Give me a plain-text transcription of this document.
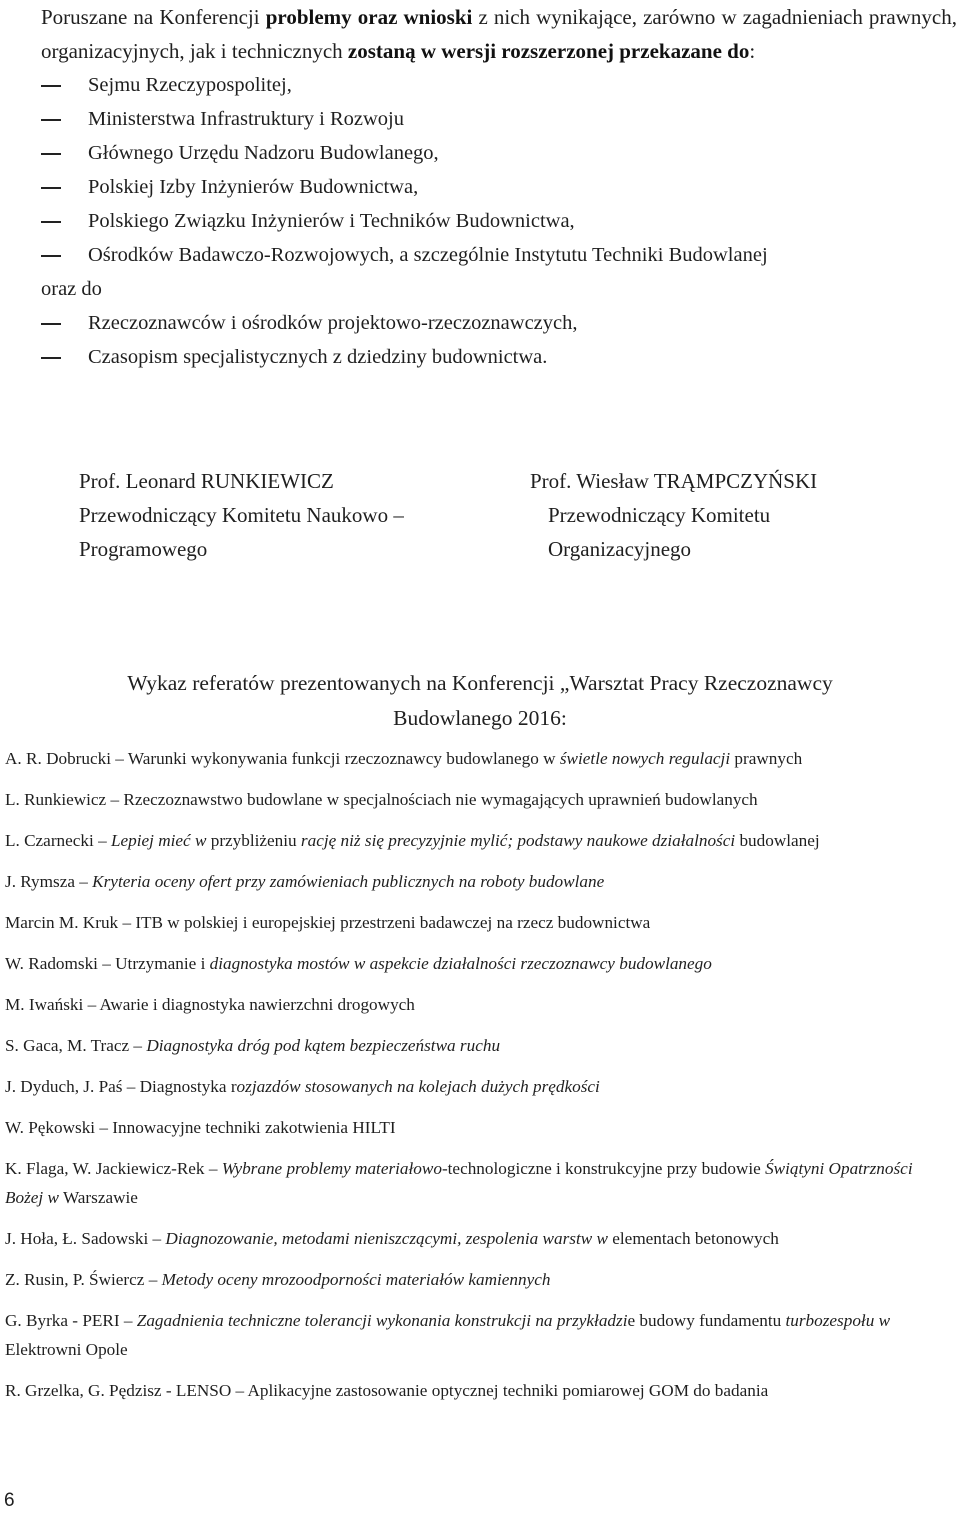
Poruszane na Konferencji problemy oraz wnioski z nich wynikające, zarówno w zagadnieniach prawnych, organizacyjnych, jak i technicznych zostaną w wersji rozszerzonej przekazane do:

Sejmu Rzeczypospolitej,
Ministerstwa Infrastruktury i Rozwoju
Głównego Urzędu Nadzoru Budowlanego,
Polskiej Izby Inżynierów Budownictwa,
Polskiego Związku Inżynierów i Techników Budownictwa,
Ośrodków Badawczo-Rozwojowych, a szczególnie Instytutu Techniki Budowlanej

oraz do

Rzeczoznawców i ośrodków projektowo-rzeczoznawczych,
Czasopism specjalistycznych z dziedziny budownictwa.
Prof. Leonard RUNKIEWICZ
Przewodniczący Komitetu Naukowo –
Programowego
Prof. Wiesław TRĄMPCZYŃSKI
Przewodniczący Komitetu
Organizacyjnego
Wykaz referatów prezentowanych na Konferencji „Warsztat Pracy Rzeczoznawcy
Budowlanego 2016:
A. R. Dobrucki – Warunki wykonywania funkcji rzeczoznawcy budowlanego w świetle nowych regulacji prawnych
L. Runkiewicz – Rzeczoznawstwo budowlane w specjalnościach nie wymagających uprawnień budowlanych
L. Czarnecki – Lepiej mieć w przybliżeniu rację niż się precyzyjnie mylić; podstawy naukowe działalności budowlanej
J. Rymsza – Kryteria oceny ofert przy zamówieniach publicznych na roboty budowlane
Marcin M. Kruk – ITB w polskiej i europejskiej przestrzeni badawczej na rzecz budownictwa
W. Radomski – Utrzymanie i diagnostyka mostów w aspekcie działalności rzeczoznawcy budowlanego
M. Iwański – Awarie i diagnostyka nawierzchni drogowych
S. Gaca, M. Tracz – Diagnostyka dróg pod kątem bezpieczeństwa ruchu
J. Dyduch, J. Paś – Diagnostyka rozjazdów stosowanych na kolejach dużych prędkości
W. Pękowski – Innowacyjne techniki zakotwienia HILTI
K. Flaga, W. Jackiewicz-Rek – Wybrane problemy materiałowo-technologiczne i konstrukcyjne przy budowie Świątyni Opatrzności Bożej w Warszawie
J. Hoła, Ł. Sadowski – Diagnozowanie, metodami nieniszczącymi, zespolenia warstw w elementach betonowych
Z. Rusin, P. Świercz – Metody oceny mrozoodporności materiałów kamiennych
G. Byrka - PERI – Zagadnienia techniczne tolerancji wykonania konstrukcji na przykładzie budowy fundamentu turbozespołu w Elektrowni Opole
R. Grzelka, G. Pędzisz - LENSO – Aplikacyjne zastosowanie optycznej techniki pomiarowej GOM do badania
6
